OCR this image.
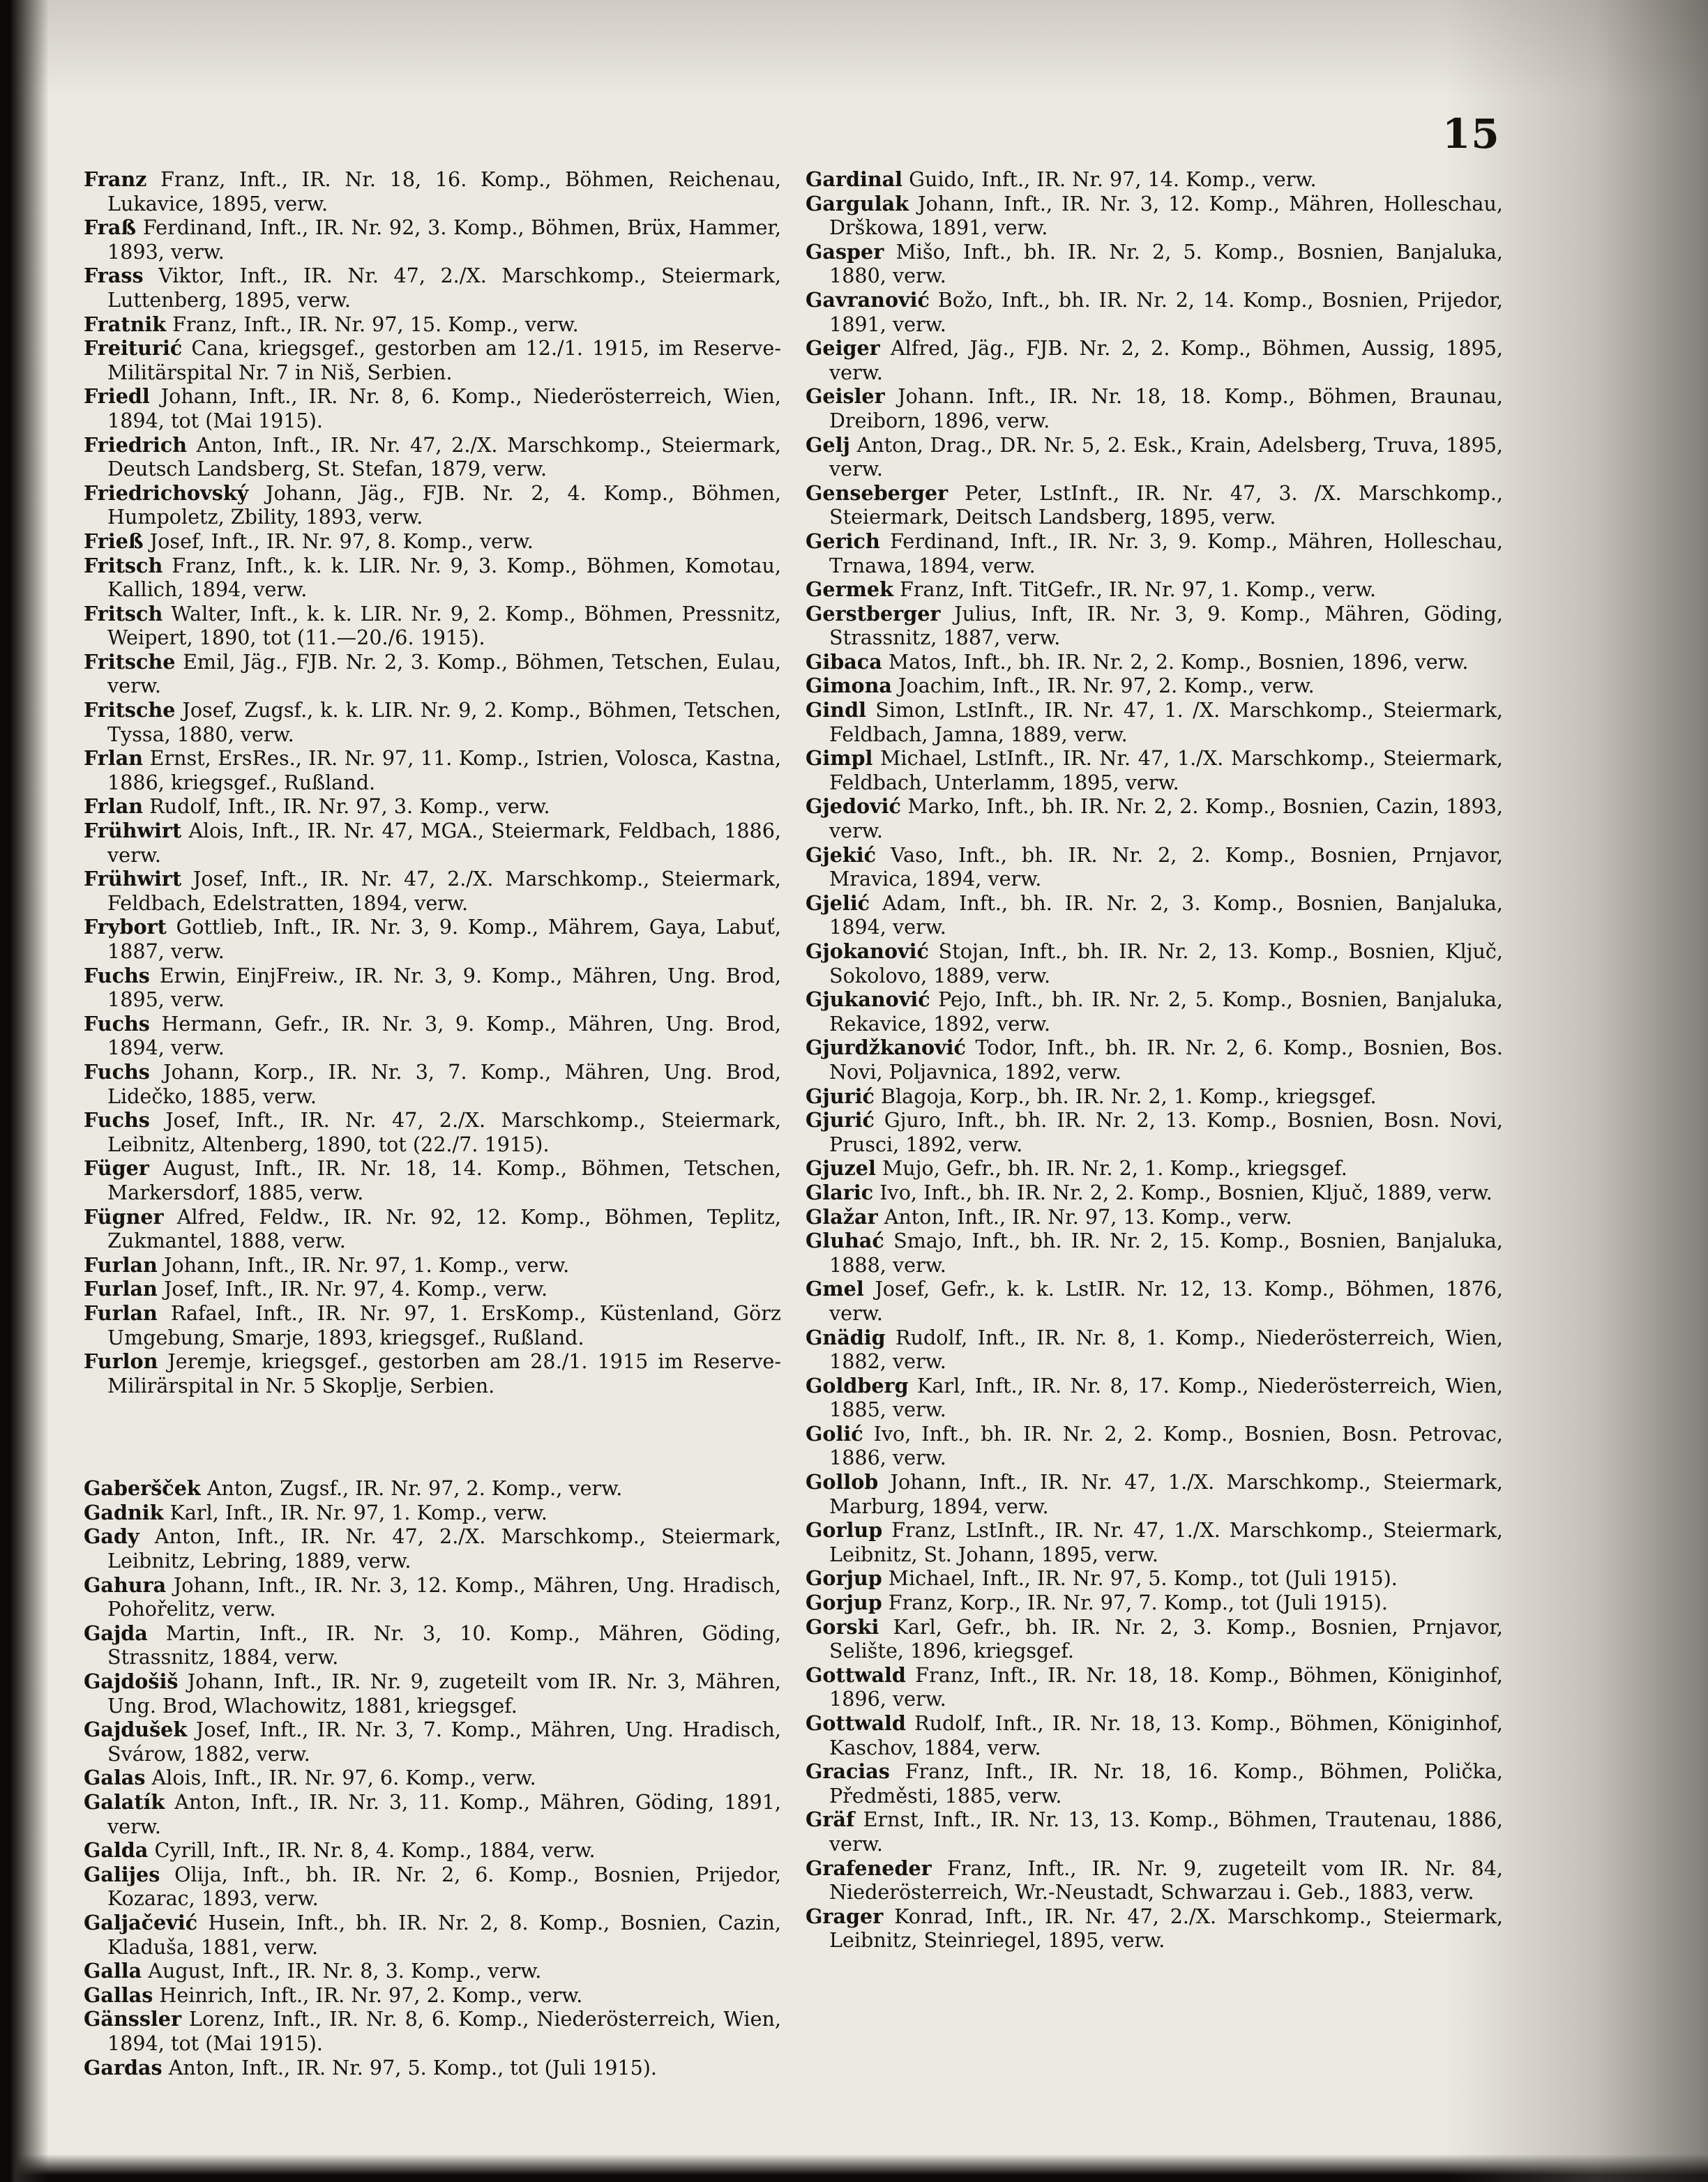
15
Franz Franz, Inft., IR. Nr. 18, 16. Komp., Böhmen, Reichenau, Lukavice, 1895, verw.
Fraß Ferdinand, Inft., IR. Nr. 92, 3. Komp., Böhmen, Brüx, Hammer, 1893, verw.
Frass Viktor, Inft., IR. Nr. 47, 2./X. Marschkomp., Steiermark, Luttenberg, 1895, verw.
Fratnik Franz, Inft., IR. Nr. 97, 15. Komp., verw.
Freiturić Cana, kriegsgef., gestorben am 12./1. 1915, im Reserve-Militärspital Nr. 7 in Niš, Serbien.
Friedl Johann, Inft., IR. Nr. 8, 6. Komp., Niederösterreich, Wien, 1894, tot (Mai 1915).
Friedrich Anton, Inft., IR. Nr. 47, 2./X. Marschkomp., Steiermark, Deutsch Landsberg, St. Stefan, 1879, verw.
Friedrichovský Johann, Jäg., FJB. Nr. 2, 4. Komp., Böhmen, Humpoletz, Zbility, 1893, verw.
Frieß Josef, Inft., IR. Nr. 97, 8. Komp., verw.
Fritsch Franz, Inft., k. k. LIR. Nr. 9, 3. Komp., Böhmen, Komotau, Kallich, 1894, verw.
Fritsch Walter, Inft., k. k. LIR. Nr. 9, 2. Komp., Böhmen, Pressnitz, Weipert, 1890, tot (11.—20./6. 1915).
Fritsche Emil, Jäg., FJB. Nr. 2, 3. Komp., Böhmen, Tetschen, Eulau, verw.
Fritsche Josef, Zugsf., k. k. LIR. Nr. 9, 2. Komp., Böhmen, Tetschen, Tyssa, 1880, verw.
Frlan Ernst, ErsRes., IR. Nr. 97, 11. Komp., Istrien, Volosca, Kastna, 1886, kriegsgef., Rußland.
Frlan Rudolf, Inft., IR. Nr. 97, 3. Komp., verw.
Frühwirt Alois, Inft., IR. Nr. 47, MGA., Steiermark, Feldbach, 1886, verw.
Frühwirt Josef, Inft., IR. Nr. 47, 2./X. Marschkomp., Steiermark, Feldbach, Edelstratten, 1894, verw.
Frybort Gottlieb, Inft., IR. Nr. 3, 9. Komp., Mährem, Gaya, Labuť, 1887, verw.
Fuchs Erwin, EinjFreiw., IR. Nr. 3, 9. Komp., Mähren, Ung. Brod, 1895, verw.
Fuchs Hermann, Gefr., IR. Nr. 3, 9. Komp., Mähren, Ung. Brod, 1894, verw.
Fuchs Johann, Korp., IR. Nr. 3, 7. Komp., Mähren, Ung. Brod, Lidečko, 1885, verw.
Fuchs Josef, Inft., IR. Nr. 47, 2./X. Marschkomp., Steiermark, Leibnitz, Altenberg, 1890, tot (22./7. 1915).
Füger August, Inft., IR. Nr. 18, 14. Komp., Böhmen, Tetschen, Markersdorf, 1885, verw.
Fügner Alfred, Feldw., IR. Nr. 92, 12. Komp., Böhmen, Teplitz, Zukmantel, 1888, verw.
Furlan Johann, Inft., IR. Nr. 97, 1. Komp., verw.
Furlan Josef, Inft., IR. Nr. 97, 4. Komp., verw.
Furlan Rafael, Inft., IR. Nr. 97, 1. ErsKomp., Küstenland, Görz Umgebung, Smarje, 1893, kriegsgef., Rußland.
Furlon Jeremje, kriegsgef., gestorben am 28./1. 1915 im Reserve-Milirärspital in Nr. 5 Skoplje, Serbien.
Gaberšček Anton, Zugsf., IR. Nr. 97, 2. Komp., verw.
Gadnik Karl, Inft., IR. Nr. 97, 1. Komp., verw.
Gady Anton, Inft., IR. Nr. 47, 2./X. Marschkomp., Steiermark, Leibnitz, Lebring, 1889, verw.
Gahura Johann, Inft., IR. Nr. 3, 12. Komp., Mähren, Ung. Hradisch, Pohořelitz, verw.
Gajda Martin, Inft., IR. Nr. 3, 10. Komp., Mähren, Göding, Strassnitz, 1884, verw.
Gajdošiš Johann, Inft., IR. Nr. 9, zugeteilt vom IR. Nr. 3, Mähren, Ung. Brod, Wlachowitz, 1881, kriegsgef.
Gajdušek Josef, Inft., IR. Nr. 3, 7. Komp., Mähren, Ung. Hradisch, Svárow, 1882, verw.
Galas Alois, Inft., IR. Nr. 97, 6. Komp., verw.
Galatík Anton, Inft., IR. Nr. 3, 11. Komp., Mähren, Göding, 1891, verw.
Galda Cyrill, Inft., IR. Nr. 8, 4. Komp., 1884, verw.
Galijes Olija, Inft., bh. IR. Nr. 2, 6. Komp., Bosnien, Prijedor, Kozarac, 1893, verw.
Galjačević Husein, Inft., bh. IR. Nr. 2, 8. Komp., Bosnien, Cazin, Kladuša, 1881, verw.
Galla August, Inft., IR. Nr. 8, 3. Komp., verw.
Gallas Heinrich, Inft., IR. Nr. 97, 2. Komp., verw.
Gänssler Lorenz, Inft., IR. Nr. 8, 6. Komp., Niederösterreich, Wien, 1894, tot (Mai 1915).
Gardas Anton, Inft., IR. Nr. 97, 5. Komp., tot (Juli 1915).
Gardinal Guido, Inft., IR. Nr. 97, 14. Komp., verw.
Gargulak Johann, Inft., IR. Nr. 3, 12. Komp., Mähren, Holleschau, Drškowa, 1891, verw.
Gasper Mišo, Inft., bh. IR. Nr. 2, 5. Komp., Bosnien, Banjaluka, 1880, verw.
Gavranović Božo, Inft., bh. IR. Nr. 2, 14. Komp., Bosnien, Prijedor, 1891, verw.
Geiger Alfred, Jäg., FJB. Nr. 2, 2. Komp., Böhmen, Aussig, 1895, verw.
Geisler Johann. Inft., IR. Nr. 18, 18. Komp., Böhmen, Braunau, Dreiborn, 1896, verw.
Gelj Anton, Drag., DR. Nr. 5, 2. Esk., Krain, Adelsberg, Truva, 1895, verw.
Genseberger Peter, LstInft., IR. Nr. 47, 3. /X. Marschkomp., Steiermark, Deitsch Landsberg, 1895, verw.
Gerich Ferdinand, Inft., IR. Nr. 3, 9. Komp., Mähren, Holleschau, Trnawa, 1894, verw.
Germek Franz, Inft. TitGefr., IR. Nr. 97, 1. Komp., verw.
Gerstberger Julius, Inft, IR. Nr. 3, 9. Komp., Mähren, Göding, Strassnitz, 1887, verw.
Gibaca Matos, Inft., bh. IR. Nr. 2, 2. Komp., Bosnien, 1896, verw.
Gimona Joachim, Inft., IR. Nr. 97, 2. Komp., verw.
Gindl Simon, LstInft., IR. Nr. 47, 1. /X. Marschkomp., Steiermark, Feldbach, Jamna, 1889, verw.
Gimpl Michael, LstInft., IR. Nr. 47, 1./X. Marschkomp., Steiermark, Feldbach, Unterlamm, 1895, verw.
Gjedović Marko, Inft., bh. IR. Nr. 2, 2. Komp., Bosnien, Cazin, 1893, verw.
Gjekić Vaso, Inft., bh. IR. Nr. 2, 2. Komp., Bosnien, Prnjavor, Mravica, 1894, verw.
Gjelić Adam, Inft., bh. IR. Nr. 2, 3. Komp., Bosnien, Banjaluka, 1894, verw.
Gjokanović Stojan, Inft., bh. IR. Nr. 2, 13. Komp., Bosnien, Ključ, Sokolovo, 1889, verw.
Gjukanović Pejo, Inft., bh. IR. Nr. 2, 5. Komp., Bosnien, Banjaluka, Rekavice, 1892, verw.
Gjurdžkanović Todor, Inft., bh. IR. Nr. 2, 6. Komp., Bosnien, Bos. Novi, Poljavnica, 1892, verw.
Gjurić Blagoja, Korp., bh. IR. Nr. 2, 1. Komp., kriegsgef.
Gjurić Gjuro, Inft., bh. IR. Nr. 2, 13. Komp., Bosnien, Bosn. Novi, Prusci, 1892, verw.
Gjuzel Mujo, Gefr., bh. IR. Nr. 2, 1. Komp., kriegsgef.
Glaric Ivo, Inft., bh. IR. Nr. 2, 2. Komp., Bosnien, Ključ, 1889, verw.
Glažar Anton, Inft., IR. Nr. 97, 13. Komp., verw.
Gluhać Smajo, Inft., bh. IR. Nr. 2, 15. Komp., Bosnien, Banjaluka, 1888, verw.
Gmel Josef, Gefr., k. k. LstIR. Nr. 12, 13. Komp., Böhmen, 1876, verw.
Gnädig Rudolf, Inft., IR. Nr. 8, 1. Komp., Niederösterreich, Wien, 1882, verw.
Goldberg Karl, Inft., IR. Nr. 8, 17. Komp., Niederösterreich, Wien, 1885, verw.
Golić Ivo, Inft., bh. IR. Nr. 2, 2. Komp., Bosnien, Bosn. Petrovac, 1886, verw.
Gollob Johann, Inft., IR. Nr. 47, 1./X. Marschkomp., Steiermark, Marburg, 1894, verw.
Gorlup Franz, LstInft., IR. Nr. 47, 1./X. Marschkomp., Steiermark, Leibnitz, St. Johann, 1895, verw.
Gorjup Michael, Inft., IR. Nr. 97, 5. Komp., tot (Juli 1915).
Gorjup Franz, Korp., IR. Nr. 97, 7. Komp., tot (Juli 1915).
Gorski Karl, Gefr., bh. IR. Nr. 2, 3. Komp., Bosnien, Prnjavor, Selište, 1896, kriegsgef.
Gottwald Franz, Inft., IR. Nr. 18, 18. Komp., Böhmen, Königinhof, 1896, verw.
Gottwald Rudolf, Inft., IR. Nr. 18, 13. Komp., Böhmen, Königinhof, Kaschov, 1884, verw.
Gracias Franz, Inft., IR. Nr. 18, 16. Komp., Böhmen, Polička, Předměsti, 1885, verw.
Gräf Ernst, Inft., IR. Nr. 13, 13. Komp., Böhmen, Trautenau, 1886, verw.
Grafeneder Franz, Inft., IR. Nr. 9, zugeteilt vom IR. Nr. 84, Niederösterreich, Wr.-Neustadt, Schwarzau i. Geb., 1883, verw.
Grager Konrad, Inft., IR. Nr. 47, 2./X. Marschkomp., Steiermark, Leibnitz, Steinriegel, 1895, verw.
